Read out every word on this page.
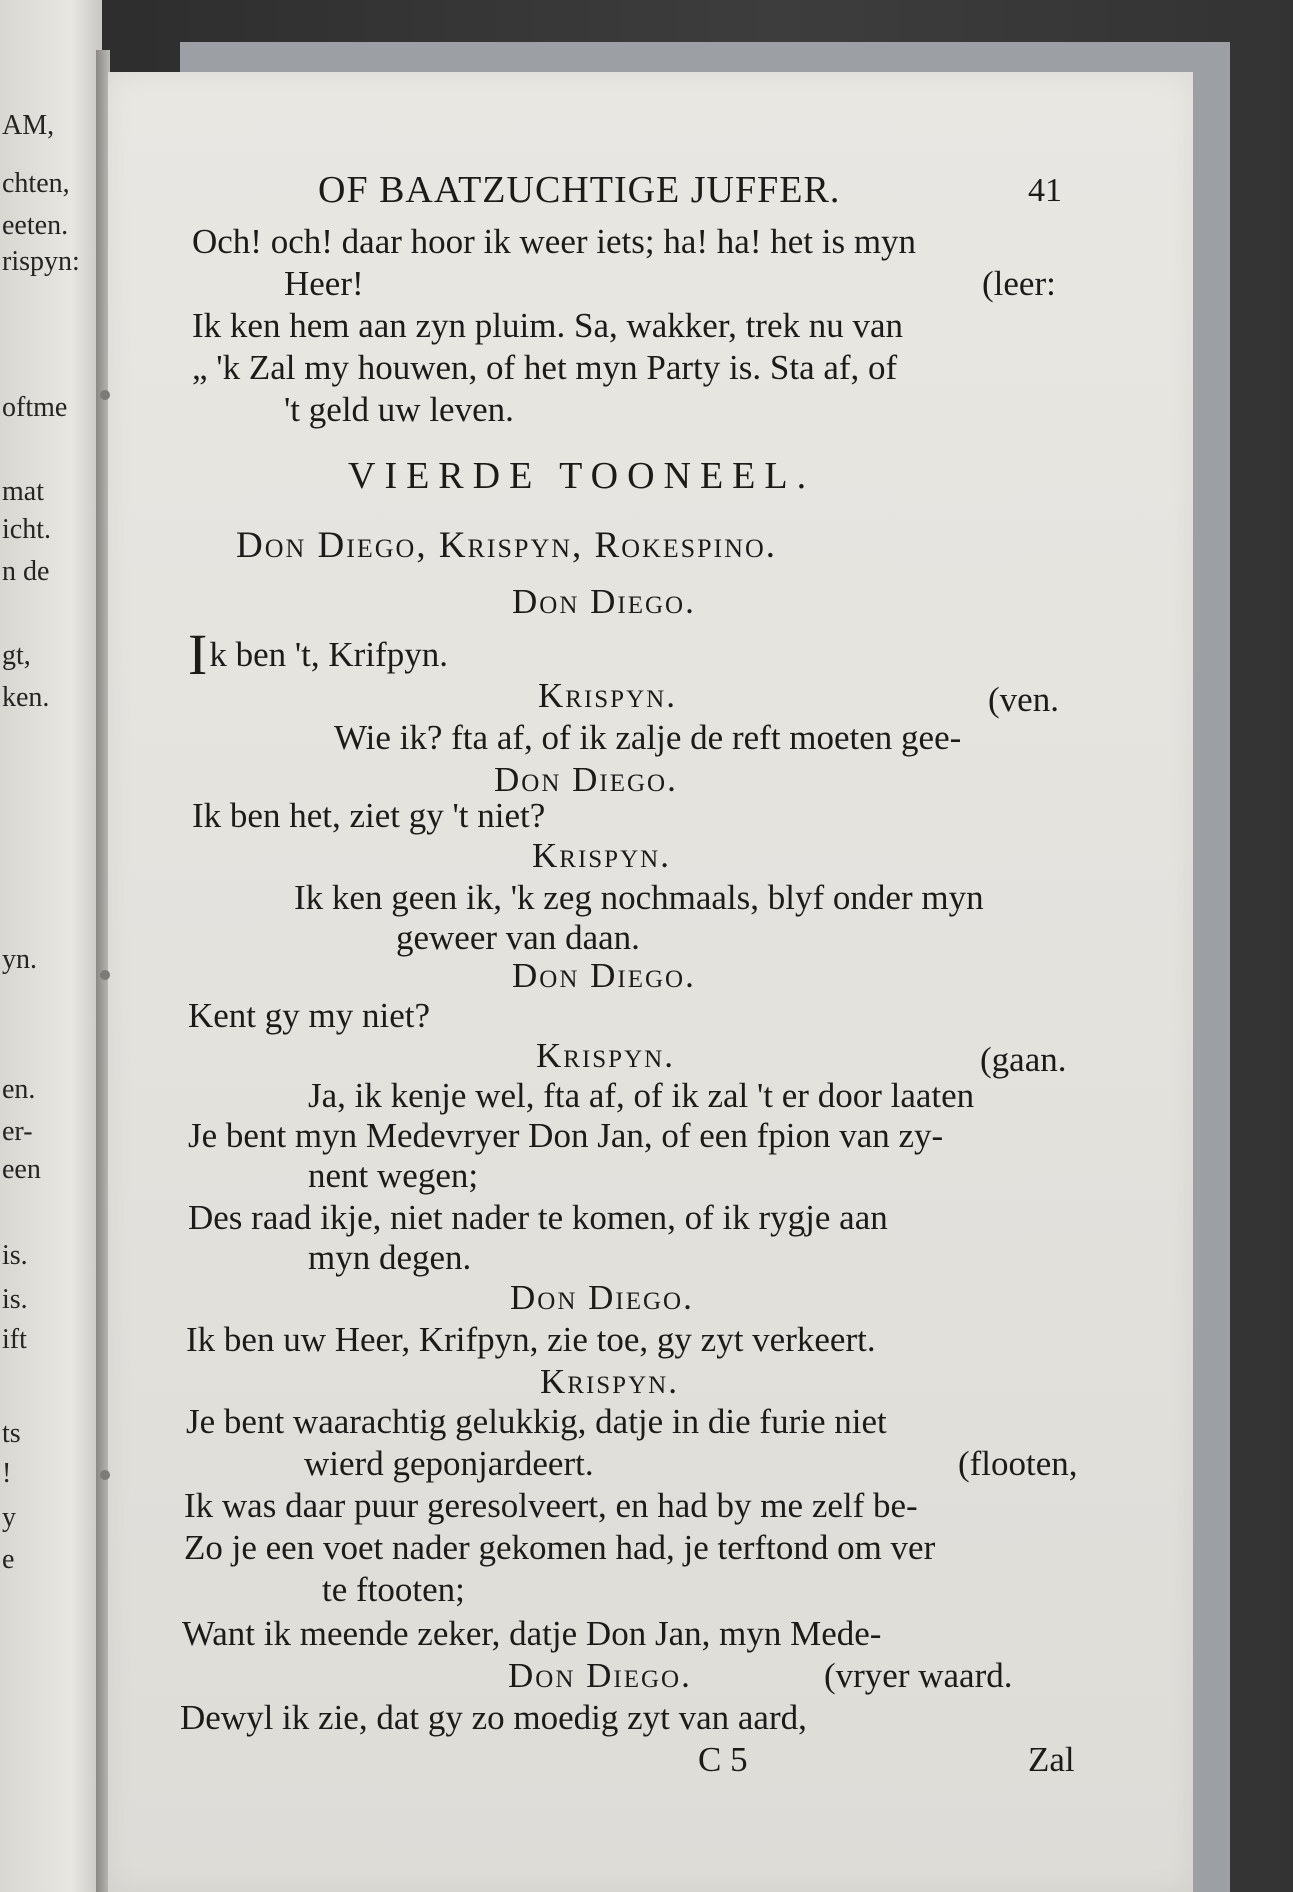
AM,
chten,
eeten.
rispyn:
oftme
mat
icht.
n de
gt,
ken.
yn.
en.
er-
een
is.
is.
ift
ts
!
y
e
OF BAATZUCHTIGE JUFFER.	41
Och! och! daar hoor ik weer iets; ha! ha! het is myn
Heer!	(leer:
Ik ken hem aan zyn pluim. Sa, wakker, trek nu van
„ 'k Zal my houwen, of het myn Party is. Sta af, of
't geld uw leven.
VIERDE TOONEEL.
Don Diego, Krispyn, Rokespino.
Don Diego.
Ik ben 't, Krifpyn.
Krispyn.	(ven.
Wie ik? fta af, of ik zalje de reft moeten gee-
Don Diego.
Ik ben het, ziet gy 't niet?
Krispyn.
Ik ken geen ik, 'k zeg nochmaals, blyf onder myn
geweer van daan.
Don Diego.
Kent gy my niet?
Krispyn.	(gaan.
Ja, ik kenje wel, fta af, of ik zal 't er door laaten
Je bent myn Medevryer Don Jan, of een fpion van zy-
nent wegen;
Des raad ikje, niet nader te komen, of ik rygje aan
myn degen.
Don Diego.
Ik ben uw Heer, Krifpyn, zie toe, gy zyt verkeert.
Krispyn.
Je bent waarachtig gelukkig, datje in die furie niet
wierd geponjardeert.	(flooten,
Ik was daar puur geresolveert, en had by me zelf be-
Zo je een voet nader gekomen had, je terftond om ver
te ftooten;
Want ik meende zeker, datje Don Jan, myn Mede-
Don Diego.	(vryer waard.
Dewyl ik zie, dat gy zo moedig zyt van aard,
C 5	Zal
